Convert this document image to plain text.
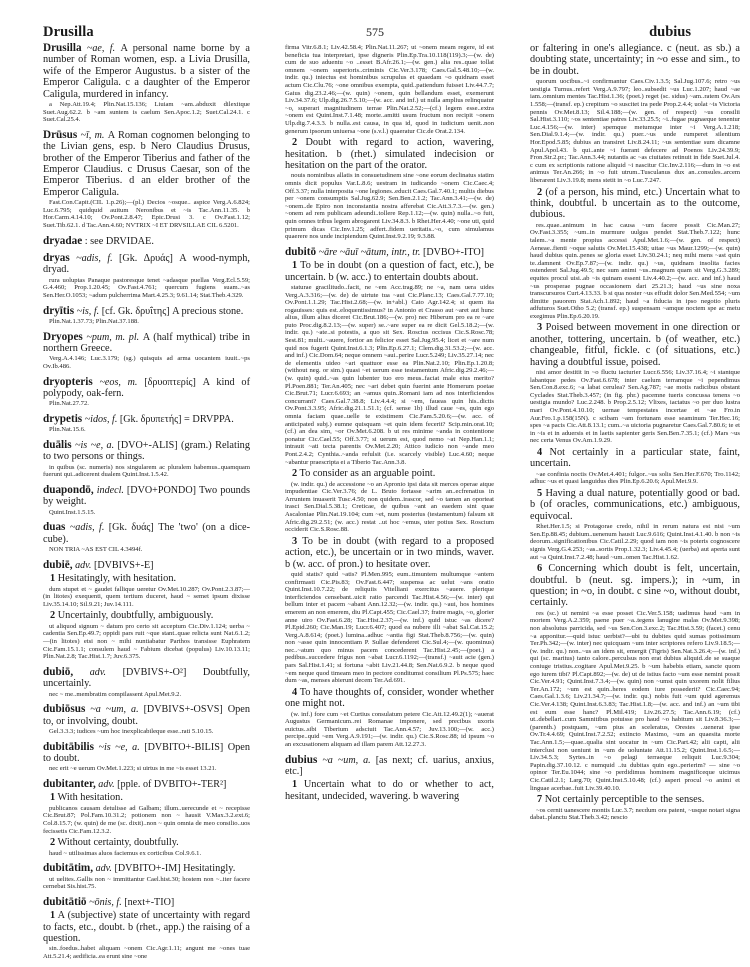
Drusilla	575	dubius
Drusilla ~ae, f. A personal name borne by a number of Roman women, esp. a Livia Drusilla, wife of the Emperor Augustus. b a sister of the Emperor Caligula. c a daughter of the Emperor Caligula, murdered in infancy.
a Nep.Att.19.4; Plin.Nat.15.136; Liuiam ~am..abduxit dilexitque Suet.Aug.62.2. b ~am suntem is caelum Sen.Apoc.1.2; Suet.Cal.24.1. c Suet.Cal.25.4.
Drūsus ~ī, m. A Roman cognomen belonging to the Livian gens, esp. b Nero Claudius Drusus, brother of the Emperor Tiberius and father of the Emperor Claudius. c Drusus Caesar, son of the Emperor Tiberius. d an elder brother of the Emperor Caligula.
Fast.Con.Capit.(CIL 1.p.26);—(pl.) Decios ~osque.. aspice Verg.A.6.824; Luc.6.795; quidquid auitum Neronibus et ~is Tac.Ann.11.35. b Hor.Carm.4.14.10; Ov.Pont.2.8.47; Epic.Drusi 3. c Ov.Fast.1.12; Suet.Tib.62.1. d Tac.Ann.4.60; NVTRIX ~I ET DRVSILLAE CIL 6.5201.
dryadae : see DRVIDAE.
dryas ~adis, f. [Gk. Δρυάς] A wood-nymph, dryad.
rura uoluptas Panaque pastoresque tenet ~adasque puellas Verg.Ecl.5.59; G.4.460; Prop.1.20.45; Ov.Fast.4.761; quercum fugiens suam..~as Sen.Her.O.1053; ~adum pulcherrima Mart.4.25.3; 9.61.14; Stat.Theb.4.329.
dryītis ~is, f. [cf. Gk. δρυΐτης] A precious stone.
Plin.Nat.1.37.73; Plin.Nat.37.188.
Dryopes ~pum, m. pl. A (half mythical) tribe in northern Greece.
Verg.A.4.146; Luc.3.179; (sg.) quisquis ad arma uocantem iuuit..~ps Ov.Ib.486.
dryopteris ~eos, m. [δρυοπτερίς] A kind of polypody, oak-fern.
Plin.Nat.27.72.
drypetis ~idos, f. [Gk. δρυπετής] = DRVPPA.
Plin.Nat.15.6.
duālis ~is ~e, a. [DVO+-ALIS] (gram.) Relating to two persons or things.
in quibus (sc. numeris) nos singularem ac pluralem habemus..quamquam fuerunt qui..adicerent dualem Quint.Inst.1.5.42.
duapondō, indecl. [DVO+PONDO] Two pounds by weight.
Quint.Inst.1.5.15.
duas ~adis, f. [Gk. δυάς] The 'two' (on a dice-cube).
NON TRIA ~AS EST CIL 4.3494f.
dubiē, adv. [DVBIVS+-E]
1 Hesitatingly, with hesitation.
dum stupet et ~ gaudet fallique ueretur Ov.Met.10.287; Ov.Pont.2.3.87;—(in litotes) exequenti, quem tertium duceret, haud ~ semet ipsum dixisse Liv.35.14.10; Sil.9.21; Juv.14.111.
2 Uncertainly, doubtfully, ambiguously.
ut aliquod signum ~ datum pro certo sit acceptum Cic.Div.1.124; uerba ~ cadentia Sen.Ep.49.7; oppidi pars ruit ~que stant..quae relicta sunt Nat.6.1.2;—(in litotes) etsi non ~ mihi nuntiabatur Parthos transisse Euphratem Cic.Fam.15.1.1; consulem haud ~ Fabium dicebat (populus) Liv.10.13.11; Plin.Nat.2.8; Tac.Hist.1.7; Juv.6.375.
dubiō, adv. [DVBIVS+-O²] Doubtfully, uncertainly.
nec ~ me..membratim compilassent Apul.Met.9.2.
dubiōsus ~a ~um, a. [DVBIVS+-OSVS] Open to, or involving, doubt.
Gel.3.3.3; iudices ~um hoc inexplicabileque esse..rati 5.10.15.
dubitābilis ~is ~e, a. [DVBITO+-BILIS] Open to doubt.
nec erit ~e uerum Ov.Met.1.223; si uirtus in me ~is esset 13.21.
dubitanter, adv. [pple. of DVBITO+-TER²]
1 With hesitation.
publicanos causam detulisse ad Galbam; illum..uerecunde et ~ recepisse Cic.Brut.87; Pol.Fam.10.31.2; potionem non ~ hausit V.Max.3.2.ext.6; Col.8.15.7; (w. quin) de me (sc. dixit)..non ~ quin omnia de meo consilio..uos fecissetis Cic.Fam.12.3.2.
2 Without certainty, doubtfully.
haud ~ utilissimas aluos faciemus ex corticibus Col.9.6.1.
dubitātim, adv. [DVBITO+-IM] Hesitatingly.
ut uelites..Gallis non ~ immittantur Cael.hist.30; hostem non ~..iter facere cernebat Sis.hist.75.
dubitātiō ~ōnis, f. [next+-TIO]
1 A (subjective) state of uncertainty with regard to facts, etc., doubt. b (rhet., app.) the raising of a question.
sin..foedus..habet aliquam ~onem Cic.Agr.1.11; angunt me ~ones tuae Att.5.21.4; aedificia..ea erunt sine ~one
firma Vitr.6.8.1; Liv.42.58.4; Plin.Nat.11.267; ut ~onem meam regere, id est beneficia tua interpretari, ipse digneris Plin.Ep.Tra.10.118(119).3;—(w. de) cum de suo aduentu ~o ..esset B.Afr.26.1;—(w. gen.) alia res..quae tollat omnem ~onem superioris..criminis Cic.Ver.3.178; Caes.Gal.5.48.10;—(w. indir. qu.) iniectus est hominibus scrupulus et quaedam ~o quidnam esset actum Cic.Clu.76; ~one omnibus exempta, quid..patiendum fuisset Liv.44.7.7; Gaius dig.23.2.46;—(w. quin) ~onem, quin bellandum esset, exemerunt Liv.34.37.6; Ulp.dig.26.7.5.10;—(w. acc. and inf.) ut nulla amplius relinquatur ~o, superari magnitudinem terrae Plin.Nat.2.52;—(cf.) legem esse..extra ~onem est Quint.Inst.7.1.48; morte..amitti usum fructum non recipit ~onem Ulp.dig.7.4.3.3. b nulla..est causa, in qua id, quod in iudicium uenit..non generum ipsorum uniuersa ~one (s.v.l.) quaeratur Cic.de Orat.2.134.
2 Doubt with regard to action, wavering, hesitation. b (rhet.) simulated indecision or hesitation on the part of the orator.
nouis nominibus allatis in consuetudinem sine ~one eorum declinatus statim omnis dicit populus Var.L.8.6; uestram in iudicando ~onem Cic.Caec.4; Off.3.37; nulla interposita ~one legiones..educit Caes.Gal.7.40.1; multis diebus per ~onem consumptis Sal.Jug.62.9; Sen.Ben.2.1.2; Tac.Ann.3.41;—(w. de) ~onem..de Epiro non inconstantia nostra afferebat Cic.Att.3.7.3.—(w. gen.) ~onem ad rem publicam adeundi..tollere Rep.1.12;—(w. quin) nulla..~o fuit, quin omnes tribus legem abrogarent Liv.34.8.3. b Rhet.Her.4.40; ~one uti, quid primum dicas Cic.Inv.1.25; adfert..fidem ueritatis..~o, cum simulamus quaerere nos unde incipiendum Quint.Inst.9.2.19; 9.3.88.
dubitō ~āre ~āuī ~ātum, intr., tr. [DVBO+-ITO]
1 To be in doubt (on a question of fact, etc.), be uncertain. b (w. acc.) to entertain doubts about.
staturae gracilitudo..facit, ne ~em Acc.trag.89; ne ~a, nam uera uides Verg.A.3.316;—(w. de) de uirtute tua ~aui Cic.Planc.13; Caes.Gal.7.77.10; Ov.Pont.1.1.29; Tac.Hist.2.68;—(w. in+abl.) Cato Agr.142.4; si quem ita rogauisses: quis est..eloquentissimus? in Antonio et Crasso aut ~aret aut hunc alius, illum alius diceret Cic.Brut.186;—(w. pro) nec Hiberum pro ea re ~are puto Proc.dig.8.2.13;—(w. super) se..~are super ea re dicit Gel.5.18.2;—(w. indir. qu.) ~ate..si potestis, a quo sit Sex. Roscius occisus Cic.S.Rosc.78; Sest.81; multi..~auere, fortior an felicior esset Sal.Jug.95.4; licet et ~are num quid nos fugerit Quint.Inst.6.1.3; Plin.Ep.6.27.1; Clem.dig.31.53.2;—(w. acc. and inf.) Cic.Dom.64; neque omnem ~aui..perire Lucr.5.249; Liv.35.27.14; nec de elementis uideo ~ari quattuor esse ea Plin.Nat.2.10; Plin.Ep.1.20.8; (without neg. or sim.) quasi ~et uerum esse testamentum Afric.dig.29.2.46;—(w. quin) quid..~as quin lubenter tuo ero meus..faciat male eius merito? Pl.Poen.881; Ter.An.405; nec ~ari debet quin fuerint ante Homerum poetae Cic.Brut.71; Lucr.6.693; an ~amus quin..Romani iam ad nos interficiendos concurrant? Caes.Gal.7.38.8; Liv.4.4.4; si ~em, faueas quin his..dictis Ov.Pont.3.3.95; Afric.dig.21.1.51.1; (cf. sense 1b) illud caue ~es, quin ego omnia faciam quae..uelle te existimem Cic.Fam.5.20.6;—(w. acc. of anticipated subj.) eumne quisquam ~et quin idem fecerit? Scip.min.orat.10; (cf.) an dea sim, ~or Ov.Met.6.208. b ut res minime ~anda in contentione ponatur Cic.Cael.55; Off.3.77; si uerum est, quod nemo ~at Nep.Han.1.1; intrauit ~ati tecta parentis Ov.Met.2.20; Attico iudicio non ~ande meo Pont.2.4.2; Cynthia..~anda refulsit (i.e. scarcely visible) Luc.4.60; neque ~abantur praescripta ei a Tiberio Tac.Ann.3.8.
2 To consider as an arguable point.
(w. indir. qu.) de accessione ~o an Apronio ipsi data sit merces operae atque impudentiae Cic.Ver.3.76; de L. Bruto fortasse ~arim an..ecfrenatius in Arruntem inuaserit Tusc.4.50; non quidem..irascor, sed ~o tamen an oporteat irasci Sen.Dial.5.38.1; Creticae, de quibus ~ant an eaedem sint quae Ascaloniae Plin.Nat.19.104; cum ~et, num posterius (testamentum) falsum sit Afric.dig.29.2.51; (w. acc.) restat ..ut hoc ~emus, uter potius Sex. Roscium occiderit Cic.S.Rosc.88.
3 To be in doubt (with regard to a proposed action, etc.), be uncertain or in two minds, waver. b (w. acc. of pron.) to hesitate over.
quid statis? quid ~atis? Pl.Men.995; eum..timuntem multumque ~antem confirmasti Cic.Pis.83; Ov.Fast.6.447; suspensa ac uelut ~ans oratio Quint.Inst.10.7.22; de reliquiis Vitelliani exercitus ~auere. plerique interficiendos censebant..uicit ratio parcendi Tac.Hist.4.56;—(w. inter) qui bellum inter et pacem ~abant Ann.12.32;—(w. indir. qu.) ~aui, hos homines emerem an non emerem, diu Pl.Capt.455; Cic.Cael.37; fratre magis, ~o, glorier anne uiro Ov.Fast.6.28; Tac.Hist.2.37;—(w. inf.) quid istuc ~as dicere? Pl.Epid.260; Cic.Man.19; Lucr.6.407; quod ea nubere illi ~abat Sal.Cat.15.2; Verg.A.8.614; (poet.) lumina..adhuc ~antia figi Stat.Theb.8.756;—(w. quin) non ~asse quin innocentiam P. Sullae defenderet Cic.Sul.4;—(w. quominus) nec..~atum quo minus pacem concederent Tac.Hist.2.45;—(poet.) a pedibus..succedere frigus non ~abat Lucr.6.1192;—(transf.) ~auit acie (gen.) pars Sal.Hist.1.41; si fortuna ~abit Liv.21.44.8; Sen.Nat.6.9.2. b neque quod ~em neque quod timeam meo in pectore conditumst consilium Pl.Ps.575; haec dum ~as, menses abierunt decem Ter.Ad.691.
4 To have thoughts of, consider, wonder whether one might not.
(w. inf.) fore cum ~et Curtius consulatum petere Cic.Att.12.49.2(1); ~auerat Augustus Germanicum..rei Romanae imponere, sed precibus uxoris euictus..sibi Tiberium adsciuit Tac.Ann.4.57; Juv.13.100;—(w. acc.) percipe..quid ~em Verg.A.9.191;—(w. indir. qu.) Cic.S.Rosc.88; id ipsum ~o an excusationem aliquam ad illam parem Att.12.27.3.
dubius ~a ~um, a. [as next; cf. uarius, anxius, etc.]
1 Uncertain what to do or whether to act, hesitant, undecided, wavering. b wavering
or faltering in one's allegiance. c (neut. as sb.) a doubting state, uncertainty; in ~o esse and sim., to be in doubt.
quorum uocibus..~i confirmantur Caes.Civ.1.3.5; Sal.Jug.107.6; retro ~us uestigia Turnus..refert Verg.A.9.797; leo..subsedit ~us Luc.1.207; haud ~ae iam..omnium mentes Tac.Hist.1.36; (poet.) reget (sc. sidus) ~am..ratem Ov.Ars 1.558;—(transf. ep.) crepitum ~o suscitet ira pede Prop.2.4.4; uolat ~is Victoria pennis Ov.Met.8.13; Sil.4.188;—(w. gen. of respect) ~us consilii Sal.Hist.3.110; ~os sententiae patres Liv.33.25.5; ~i..fugae pugnaeque tenentur Luc.4.156;—(w. inter) spemque metumque inter ~i Verg.A.1.218; Sen.Dial.9.1.4;—(w. indir. qu.) puer..~us unde rumperet silentium Hor.Epod.5.85; dubius an transiret Liv.8.24.11; ~us sententiae sum dicamne Apul.Apol.43. b qui..ante ~i fuerant defecere ad Poenos Liv.24.39.9; Fron.Str.2.pr.; Tac.Ann.3.44; nutantis ac ~as ciuitates retinuit in fide Suet.Jul.4. c cum ex scriptionis ratione aliquid ~i nascitur Cic.Inv.2.116;—dum in ~o est animus Ter.An.266; in ~o fuit utrum..Tusculanus dux an..consules..arcem liberarent Liv.3.19.8; mens stetit in ~o Luc.7.247.
2 (of a person, his mind, etc.) Uncertain what to think, doubtful. b uncertain as to the outcome, dubious.
res..quae..animum in hac causa ~um facere possit Cic.Man.27; Ov.Fast.3.355; ~um..in murmure uulgus pendet Stat.Theb.7.122; hunc talem..~a mente propius accessi Apul.Met.1.6;—(w. gen. of respect) Aeneae..fienti ~oque salutis Ov.Met.15.438; uitae ~us Maur.1299;—(w. quin) haud dubius quin..penes se gloria esset Liv.30.24.1; neq mihi mens ~ast quin te..damnent Ov.Ep.7.87;—(w. indir. qu.) ~us, quidnam insolita facies ostenderet Sal.Jug.49.5; nec sum animi ~us..magnum quam sit Verg.G.3.289; equites procul uisi..ab ~is quinam essent Liv.4.40.2;—(w. acc. and inf.) haud ~us prosperae pugnae occasionem dari 25.21.3; haud ~us sine noxa transcursuros Curt.4.13.33. b si qua noster ~us effudit dolor Sen.Med.554; ~um dimitte pauorem Stat.Ach.1.892; haud ~a fiducia in ipso negotio pluris adfuturos Suet.Otho 5.2; (transf. ep.) suspensam ~amque noctem spe ac metu exegimus Plin.Ep.6.20.19.
3 Poised between movement in one direction or another, tottering, uncertain. b (of weather, etc.) changeable, fitful, fickle. c (of situations, etc.) having a doubtful issue, poised.
nisi amor destitit in ~o fluctu iacturier Lucr.6.556; Liv.37.16.4; ~i stantque labantque pedes Ov.Fast.6.678; inter caelum terramque ~i pependimus Sen.Con.8.exc.6; ~a labat cerulea? Sen.Ag.787; ~ae motis radicibus obstant Cyclades Stat.Theb.3.457; (in fig. phr.) pacemne tueris concussa tenens ~o uestigia mundo? Luc.2.248. b Prop.2.5.12; Vlixes, iactatus ~o per duo lustra mari Ov.Pont.4.10.10; uernae tempestates incertae et ~ae Fro.in Aur.Fro.1.p.158(15N). c scibam ~am fortunam esse seaminum Ter.Hec.16; spes ~a pacis Cic.Att.8.13.1; cum..~a uictoria pugnaretur Caes.Gal.7.80.6; te et in ~is et in aduersis et in laetis sapienter geris Sen.Ben.7.35.1; (cf.) Mars ~us nec certa Venus Ov.Am.1.9.29.
4 Not certainly in a particular state, faint, uncertain.
~ae confinia noctis Ov.Met.4.401; fulgor..~us solis Sen.Her.F.670; Tro.1142; adhuc ~us et quasi languidus dies Plin.Ep.6.20.6; Apul.Met.9.9.
5 Having a dual nature, potentially good or bad. b (of oracles, communications, etc.) ambiguous, equivocal.
Rhet.Her.1.5; si Protagorae credo, nihil in rerum natura est nisi ~um Sen.Ep.88.45; dubium..uenenum hausit Luc.9.616; Quint.Inst.4.1.40. b non ~is deorum..significationibus Cic.Catil.2.29; quod iam non ~is poteris cognoscere signis Verg.G.4.253; ~as..sortis Prop.1.32.3; Liv.4.45.4; (uerba) aut aperta sunt aut ~a Quint.Inst.7.2.48; haud ~um..omen Tac.Hist.1.62.
6 Concerning which doubt is felt, uncertain, doubtful. b (neut. sg. impers.); in ~um, in question; in ~o, in doubt. c sine ~o, without doubt, certainly.
res (sc.) ut nemini ~a esse posset Cic.Ver.5.158; uadimus haud ~am in mortem Verg.A.2.359; paene puer ~a..tegens lanugine malas Ov.Met.9.398; non absolutus parricida, sed ~us Sen.Con.3.exc.2; Tac.Hist.3.59; (facet.) cenu ~a apponitur.—quid istuc uerbist?—ubi tu dubites quid sumas potissimum Ter.Ph.342;—(w. inter) nec quicquam ~um inter scriptores refero Liv.9.18.5;—(w. indir. qu.) non..~us an idem sit, emergit (Tigris) Sen.Nat.3.26.4;—(w. inf.) qui (sc. maritus) tanto calore..perculsus non erat dubius aliquid..de se suaque coniuge tristius..cogitare Apul.Met.9.25. b ~um habebis etiam, sancte quom ego iurem tibi? Pl.Capt.892;—(w. de) ut de istius facto ~um esse nemini possit Cic.Ver.4.91; Quint.Inst.7.3.4;—(w. quin) non ~umst quin uxorem nolit filius Ter.An.172; ~um est quin..heres eodem iure possederit? Cic.Caec.94; Caes.Gal.1.3.6; Liv.21.34.7;—(w. indir. qu.) nobis fuit ~um quid ageremus Cic.Ver.4.138; Quint.Inst.6.3.83; Tac.Hist.1.8;—(w. acc. and inf.) an ~um tibi est eum esse hanc? Pl.Mil.419; Liv.26.27.5; Tac.Ann.6.19; (cf.) ut..debellari..cum Samnitibus potuisse pro haud ~o habitum sit Liv.8.36.3;—(parenth.) postquam, ~um pius an sceleratus, Orestes ..uenerat ipse Ov.Tr.4.4.69; Quint.Inst.7.2.52; extincto Maximo, ~um an quaesita morte Tac.Ann.1.5;—quae..qualia sint uocatur in ~um Cic.Part.42; alii capti, alii interclusi non ueniunt in ~um de uoluntate Att.11.15.2; Quint.Inst.1.6.5;—Liv.34.5.3; Syrtes..in ~o pelagi terraeque reliquit Luc.9.304; Papin.dig.37.10.12. c numquid ..tu dubitas quin ego..perierim? — sine ~o opinor Ter.Eu.1044; sine ~o perdidimus hominem magnificeque uicimus Cic.Catil.2.1; Larg.70; Quint.Inst.5.10.48; (cf.) asperi procul ~o animi et linguae acerbae..fuit Liv.39.40.10.
7 Not certainly perceptible to the senses.
~os cernit uanescere montis Luc.3.7; necdum ora patent, ~usque notari signa dabat..planctu Stat.Theb.3.42; nescio
